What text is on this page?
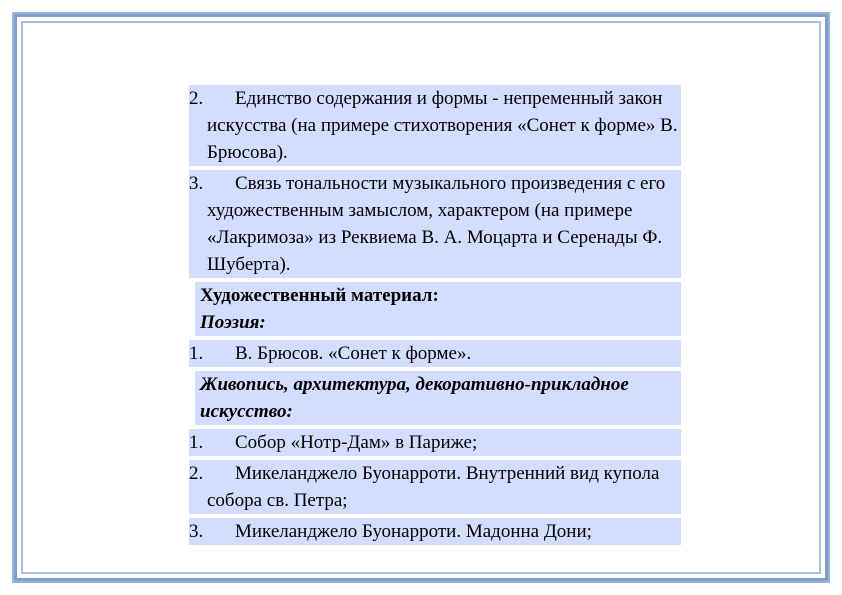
2.	Единство содержания и формы - непременный закон искусства (на примере стихотворения «Сонет к форме» В. Брюсова).
3.	Связь тональности музыкального произведения с его художественным замыслом, характером (на примере «Лакримоза» из Реквиема В. А. Моцарта и Серенады Ф. Шуберта).
Художественный материал:
Поэзия:
1.	В. Брюсов. «Сонет к форме».
Живопись, архитектура, декоративно-прикладное искусство:
1.	Собор «Нотр-Дам» в Париже;
2.	Микеланджело Буонарроти. Внутренний вид купола собора св. Петра;
3.	Микеланджело Буонарроти. Мадонна Дони;
